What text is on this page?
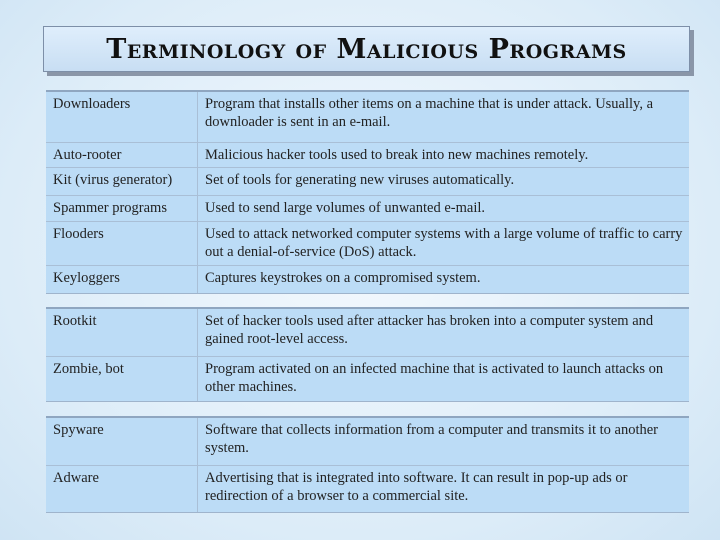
Terminology of Malicious Programs
Downloaders	Program that installs other items on a machine that is under attack. Usually, a downloader is sent in an e-mail.
Auto-rooter	Malicious hacker tools used to break into new machines remotely.
Kit (virus generator)	Set of tools for generating new viruses automatically.
Spammer programs	Used to send large volumes of unwanted e-mail.
Flooders	Used to attack networked computer systems with a large volume of traffic to carry out a denial-of-service (DoS) attack.
Keyloggers	Captures keystrokes on a compromised system.
Rootkit	Set of hacker tools used after attacker has broken into a computer system and gained root-level access.
Zombie, bot	Program activated on an infected machine that is activated to launch attacks on other machines.
Spyware	Software that collects information from a computer and transmits it to another system.
Adware	Advertising that is integrated into software. It can result in pop-up ads or redirection of a browser to a commercial site.
